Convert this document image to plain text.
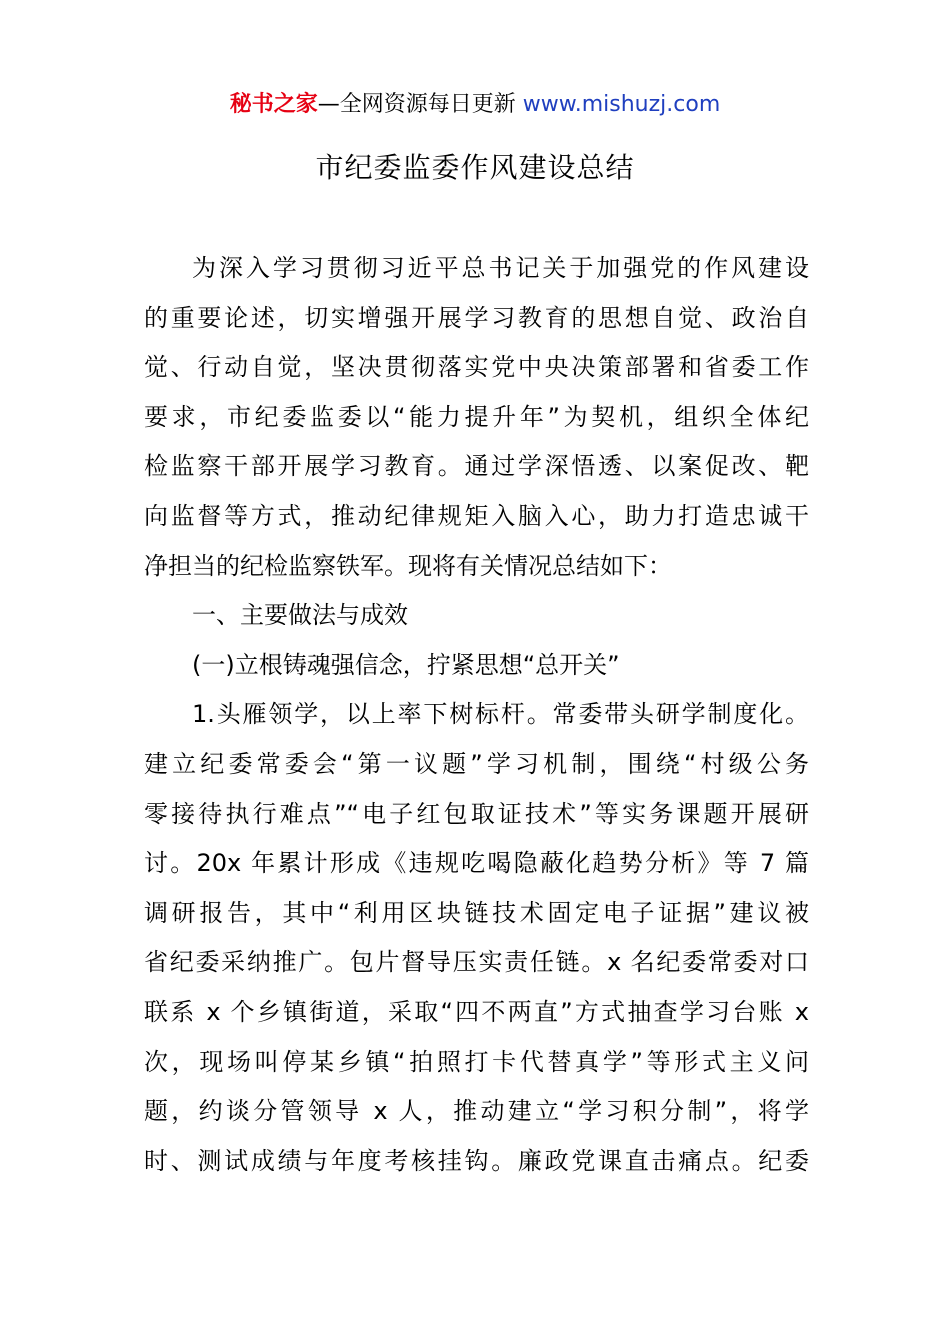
秘书之家—全网资源每日更新 www.mishuzj.com
市纪委监委作风建设总结
为深入学习贯彻习近平总书记关于加强党的作风建设
的重要论述，切实增强开展学习教育的思想自觉、政治自
觉、行动自觉，坚决贯彻落实党中央决策部署和省委工作
要求，市纪委监委以“能力提升年”为契机，组织全体纪
检监察干部开展学习教育。通过学深悟透、以案促改、靶
向监督等方式，推动纪律规矩入脑入心，助力打造忠诚干
净担当的纪检监察铁军。现将有关情况总结如下：
一、主要做法与成效
(一)立根铸魂强信念，拧紧思想“总开关”
1.头雁领学，以上率下树标杆。常委带头研学制度化。
建立纪委常委会“第一议题”学习机制，围绕“村级公务
零接待执行难点”“电子红包取证技术”等实务课题开展研
讨。20x 年累计形成《违规吃喝隐蔽化趋势分析》等 7 篇
调研报告，其中“利用区块链技术固定电子证据”建议被
省纪委采纳推广。包片督导压实责任链。x 名纪委常委对口
联系 x 个乡镇街道，采取“四不两直”方式抽查学习台账 x
次，现场叫停某乡镇“拍照打卡代替真学”等形式主义问
题，约谈分管领导 x 人，推动建立“学习积分制”，将学
时、测试成绩与年度考核挂钩。廉政党课直击痛点。纪委
